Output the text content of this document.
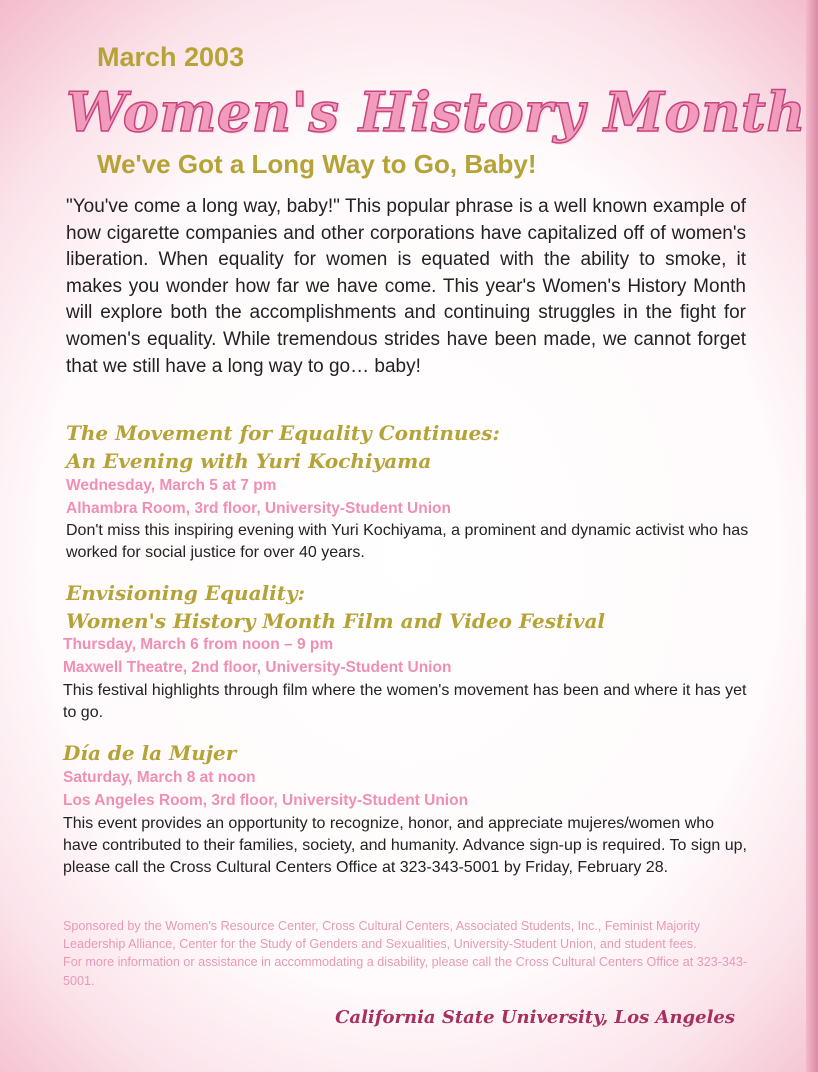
March 2003
Women's History Month
We've Got a Long Way to Go, Baby!
"You've come a long way, baby!" This popular phrase is a well known example of how cigarette companies and other corporations have capitalized off of women's liberation. When equality for women is equated with the ability to smoke, it makes you wonder how far we have come. This year's Women's History Month will explore both the accomplishments and continuing struggles in the fight for women's equality. While tremendous strides have been made, we cannot forget that we still have a long way to go… baby!
The Movement for Equality Continues:
An Evening with Yuri Kochiyama
Wednesday, March 5 at 7 pm
Alhambra Room, 3rd floor, University-Student Union
Don't miss this inspiring evening with Yuri Kochiyama, a prominent and dynamic activist who has worked for social justice for over 40 years.
Envisioning Equality:
Women's History Month Film and Video Festival
Thursday, March 6 from noon – 9 pm
Maxwell Theatre, 2nd floor, University-Student Union
This festival highlights through film where the women's movement has been and where it has yet to go.
Día de la Mujer
Saturday, March 8 at noon
Los Angeles Room, 3rd floor, University-Student Union
This event provides an opportunity to recognize, honor, and appreciate mujeres/women who have contributed to their families, society, and humanity. Advance sign-up is required. To sign up, please call the Cross Cultural Centers Office at 323-343-5001 by Friday, February 28.
Sponsored by the Women's Resource Center, Cross Cultural Centers, Associated Students, Inc., Feminist Majority Leadership Alliance, Center for the Study of Genders and Sexualities, University-Student Union, and student fees.
For more information or assistance in accommodating a disability, please call the Cross Cultural Centers Office at 323-343-5001.
California State University, Los Angeles
